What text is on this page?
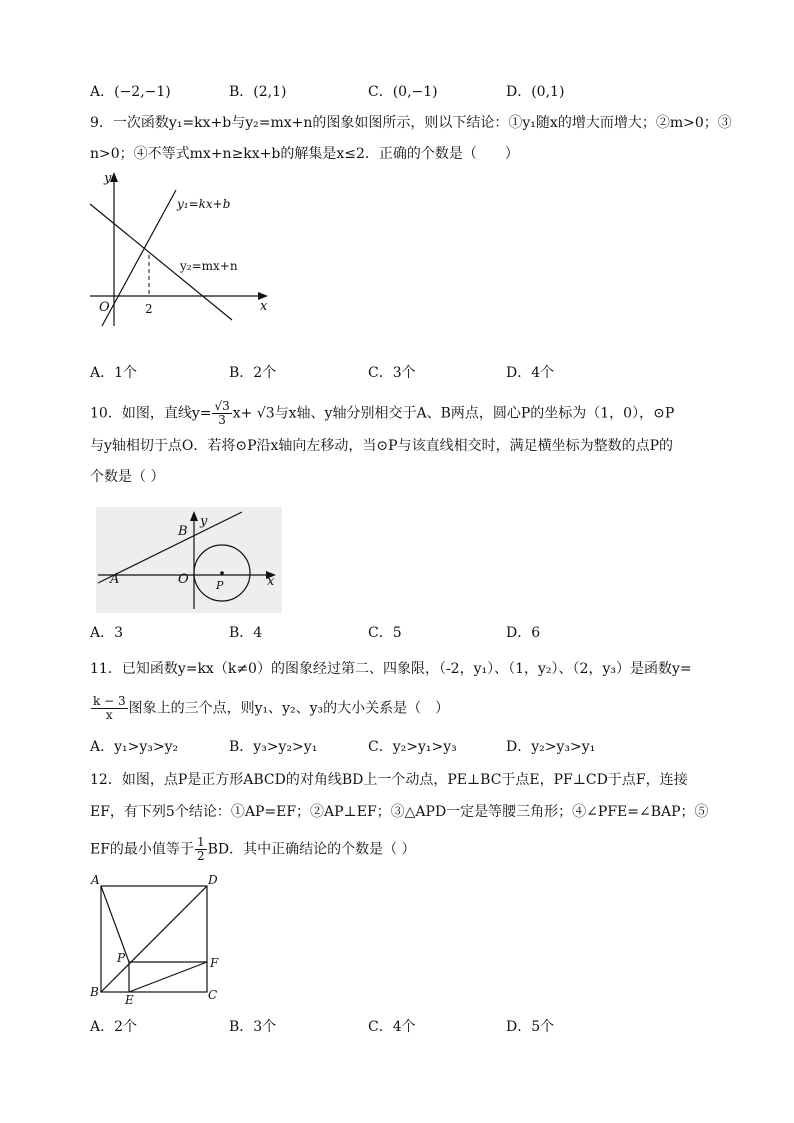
A．(−2,−1)	B．(2,1)	C．(0,−1)	D．(0,1)
9．一次函数y₁=kx+b与y₂=mx+n的图象如图所示，则以下结论：①y₁随x的增大而增大；②m>0；③
n>0；④不等式mx+n≥kx+b的解集是x≤2．正确的个数是（　　）
y
x
O	2
y₁=kx+b
y₂=mx+n
A．1个	B．2个	C．3个	D．4个
10．如图，直线$y= \frac{√3}{3} x+ √3$与x轴、y轴分别相交于A、B两点，圆心P的坐标为（1，0），⊙P
与y轴相切于点O．若将⊙P沿x轴向左移动，当⊙P与该直线相交时，满足横坐标为整数的点P的
个数是（ ）
A
B
O P	x
y
A．3	B．4	C．5	D．6
11．已知函数y=kx（k≠0）的图象经过第二、四象限，（-2，y₁）、（1，y₂）、（2，y₃）是函数y=
$\frac{k - 3}{x}$ 图象上的三个点，则y₁、y₂、y₃的大小关系是（　）
A．y₁>y₃>y₂	B．y₃>y₂>y₁	C．y₂>y₁>y₃	D．y₂>y₃>y₁
12．如图，点P是正方形ABCD的对角线BD上一个动点，PE⊥BC于点E，PF⊥CD于点F，连接
EF，有下列5个结论：①AP=EF；②AP⊥EF；③△APD一定是等腰三角形；④∠PFE=∠BAP；⑤
EF的最小值等于 $\frac{1}{2}$ BD．其中正确结论的个数是（ ）
A	D
B	C
P
E
F
A．2个	B．3个	C．4个	D．5个
